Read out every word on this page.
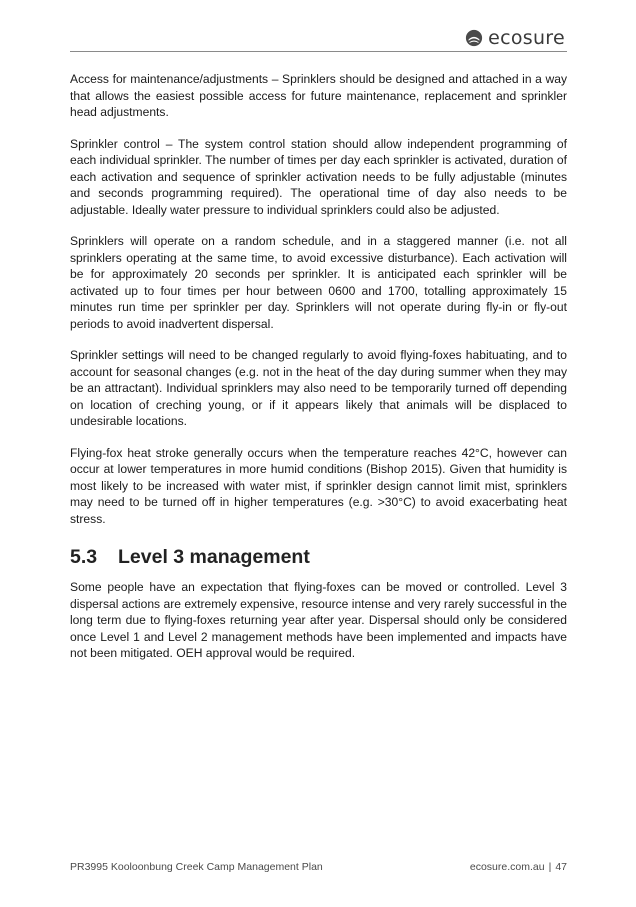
ecosure

Access for maintenance/adjustments – Sprinklers should be designed and attached in a way that allows the easiest possible access for future maintenance, replacement and sprinkler head adjustments.

Sprinkler control – The system control station should allow independent programming of each individual sprinkler. The number of times per day each sprinkler is activated, duration of each activation and sequence of sprinkler activation needs to be fully adjustable (minutes and seconds programming required). The operational time of day also needs to be adjustable. Ideally water pressure to individual sprinklers could also be adjusted.

Sprinklers will operate on a random schedule, and in a staggered manner (i.e. not all sprinklers operating at the same time, to avoid excessive disturbance). Each activation will be for approximately 20 seconds per sprinkler. It is anticipated each sprinkler will be activated up to four times per hour between 0600 and 1700, totalling approximately 15 minutes run time per sprinkler per day. Sprinklers will not operate during fly-in or fly-out periods to avoid inadvertent dispersal.

Sprinkler settings will need to be changed regularly to avoid flying-foxes habituating, and to account for seasonal changes (e.g. not in the heat of the day during summer when they may be an attractant). Individual sprinklers may also need to be temporarily turned off depending on location of creching young, or if it appears likely that animals will be displaced to undesirable locations.

Flying-fox heat stroke generally occurs when the temperature reaches 42°C, however can occur at lower temperatures in more humid conditions (Bishop 2015). Given that humidity is most likely to be increased with water mist, if sprinkler design cannot limit mist, sprinklers may need to be turned off in higher temperatures (e.g. >30°C) to avoid exacerbating heat stress.

5.3	Level 3 management

Some people have an expectation that flying-foxes can be moved or controlled. Level 3 dispersal actions are extremely expensive, resource intense and very rarely successful in the long term due to flying-foxes returning year after year. Dispersal should only be considered once Level 1 and Level 2 management methods have been implemented and impacts have not been mitigated. OEH approval would be required.

PR3995 Kooloonbung Creek Camp Management Plan	ecosure.com.au | 47
